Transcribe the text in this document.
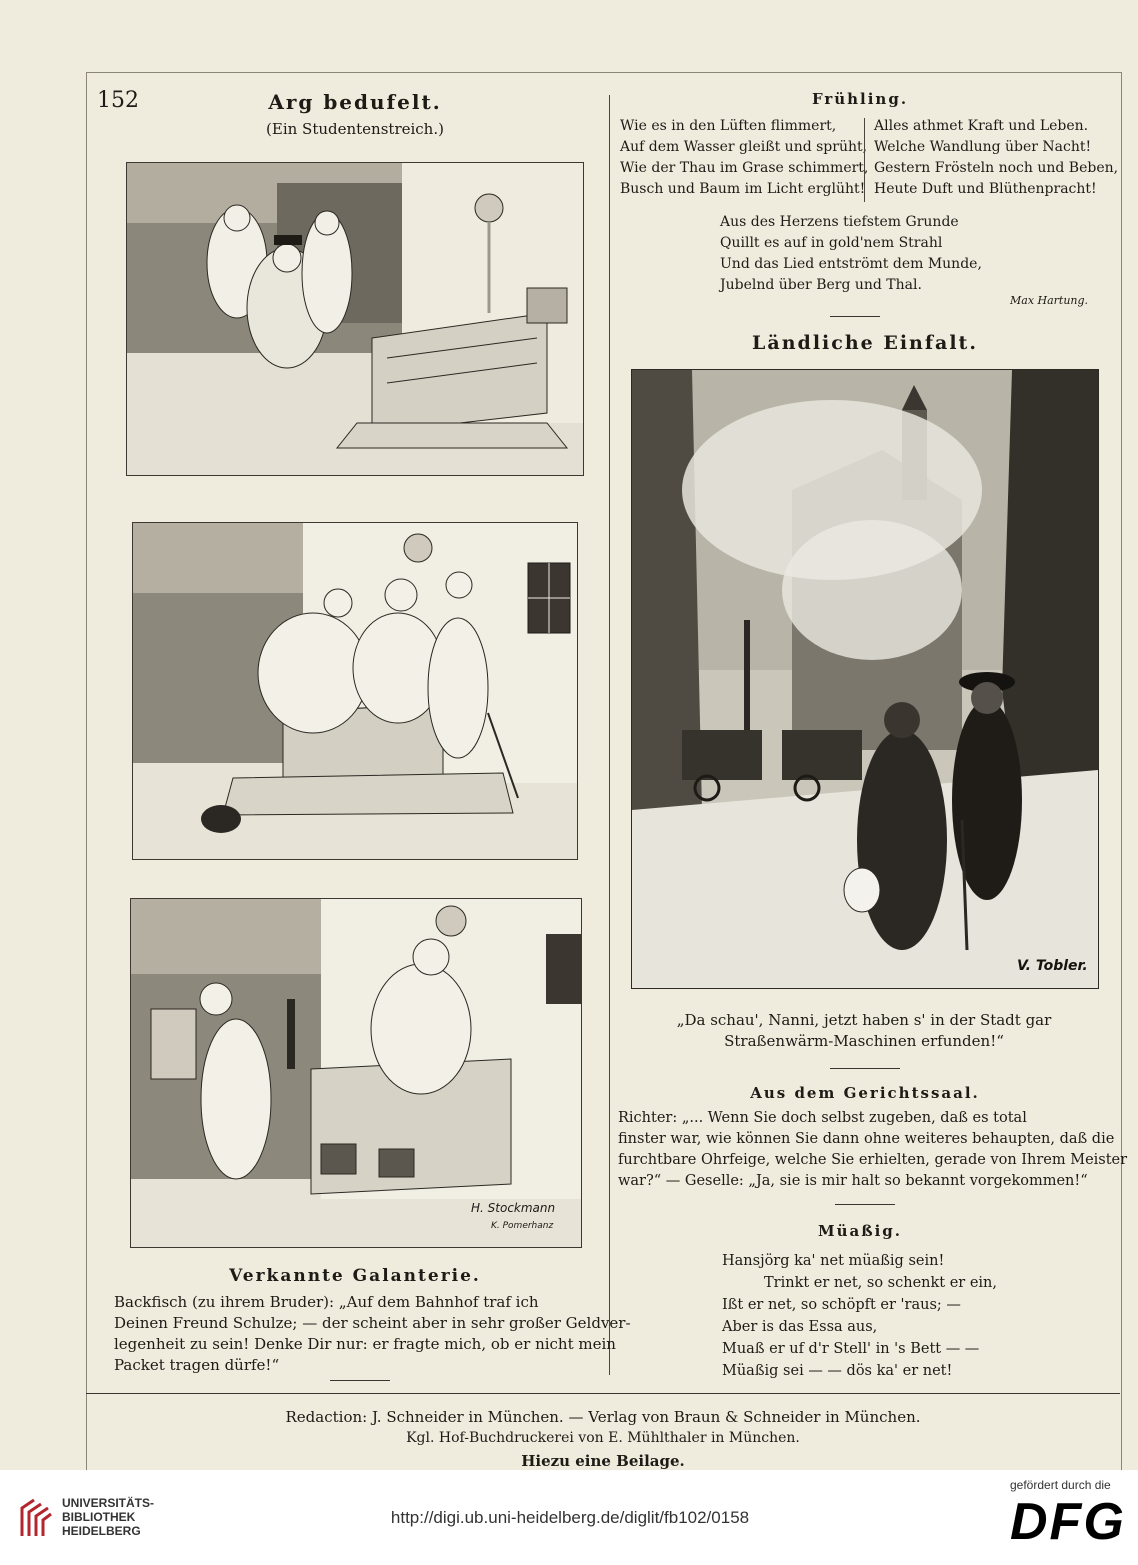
152	Arg bedufelt.
(Ein Studentenstreich.)
H. Stockmann
K. Pomerhanz
Verkannte Galanterie.
Backfisch (zu ihrem Bruder): „Auf dem Bahnhof traf ich
Deinen Freund Schulze; — der scheint aber in sehr großer Geldver-
legenheit zu sein! Denke Dir nur: er fragte mich, ob er nicht mein
Packet tragen dürfe!“
Frühling.
Wie es in den Lüften flimmert,
Auf dem Wasser gleißt und sprüht,
Wie der Thau im Grase schimmert,
Busch und Baum im Licht erglüht!
Alles athmet Kraft und Leben.
Welche Wandlung über Nacht!
Gestern Frösteln noch und Beben,
Heute Duft und Blüthenpracht!
Aus des Herzens tiefstem Grunde
Quillt es auf in gold'nem Strahl
Und das Lied entströmt dem Munde,
Jubelnd über Berg und Thal.
Max Hartung.
Ländliche Einfalt.
V. Tobler.
„Da schau', Nanni, jetzt haben s' in der Stadt gar
Straßenwärm-Maschinen erfunden!“
Aus dem Gerichtssaal.
Richter: „... Wenn Sie doch selbst zugeben, daß es total
finster war, wie können Sie dann ohne weiteres behaupten, daß die
furchtbare Ohrfeige, welche Sie erhielten, gerade von Ihrem Meister
war?“ — Geselle: „Ja, sie is mir halt so bekannt vorgekommen!“
Müaßig.
Hansjörg ka' net müaßig sein!
Trinkt er net, so schenkt er ein,
Ißt er net, so schöpft er 'raus; —
Aber is das Essa aus,
Muaß er uf d'r Stell' in 's Bett — —
Müaßig sei — — dös ka' er net!
Redaction: J. Schneider in München. — Verlag von Braun & Schneider in München.
Kgl. Hof-Buchdruckerei von E. Mühlthaler in München.
Hiezu eine Beilage.
UNIVERSITÄTS-
BIBLIOTHEK
HEIDELBERG
http://digi.ub.uni-heidelberg.de/diglit/fb102/0158
gefördert durch die
DFG
